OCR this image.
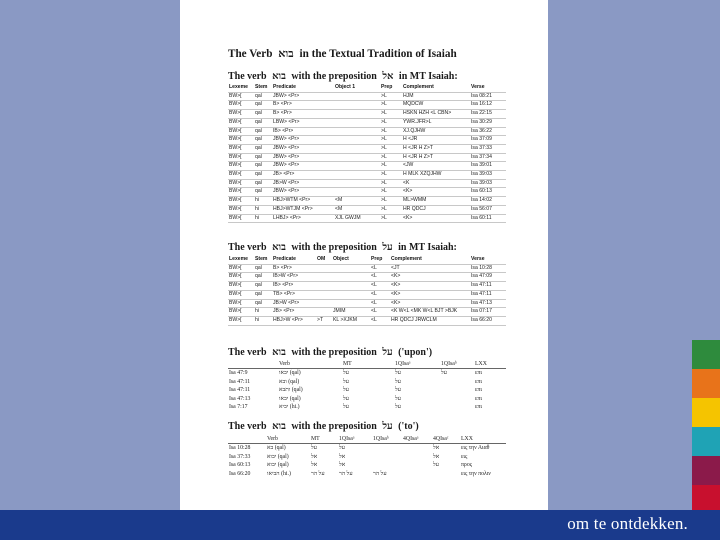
The Verb בוא in the Textual Tradition of Isaiah
The verb בוא with the preposition אל in MT Isaiah:
Lexeme	Stem	Predicate	Object 1	Prep	Complement	Verse
BW>[	qal	JBW> <Pr>		>L	HJM	Isa 08:21
BW>[	qal	B> <Pr>		>L	MQDCW	Isa 16:12
BW>[	qal	B> <Pr>		>L	HSKN HZH <L CBN>	Isa 22:15
BW>[	qal	LBW> <Pr>		>L	YWR.JFR>L	Isa 30:29
BW>[	qal	IB> <Pr>		>L	XJ.QJHW	Isa 36:22
BW>[	qal	JBW> <Pr>		>L	H <JR	Isa 37:09
BW>[	qal	JBW> <Pr>		>L	H <JR H Z>T	Isa 37:33
BW>[	qal	JBW> <Pr>		>L	H <JR H Z>T	Isa 37:34
BW>[	qal	JBW> <Pr>		>L	<JW	Isa 39:01
BW>[	qal	JB> <Pr>		>L	H MLK XZQJHW	Isa 39:03
BW>[	qal	JB>W <Pr>		>L	<K	Isa 39:03
BW>[	qal	JBW> <Pr>		>L	<K>	Isa 60:13
BW>[	hi	HBJ>WTM <Pr>	<M	>L	ML>WMM	Isa 14:02
BW>[	hi	HBJ>WTJM <Pr>	<M	>L	HR QDCJ	Isa 56:07
BW>[	hi	LHBJ> <Pr>	XJL GWJM	>L	<K>	Isa 60:11
The verb בוא with the preposition על in MT Isaiah:
Lexeme	Stem	Predicate	OM	Object	Prep	Complement	Verse
BW>[	qal	B> <Pr>			<L	<JT	Isa 10:28
BW>[	qal	IB>W <Pr>			<L	<K>	Isa 47:09
BW>[	qal	IB> <Pr>			<L	<K>	Isa 47:11
BW>[	qal	TB> <Pr>			<L	<K>	Isa 47:11
BW>[	qal	JB>W <Pr>			<L	<K>	Isa 47:13
BW>[	hi	JB> <Pr>		JMIM	<L	<K W<L <MK W<L BJT >BJK	Isa 07:17
BW>[	hi	HBJ>W <Pr>	>T	KL >XJKM	<L	HR QDCJ JRWCLM	Isa 66:20
The verb בוא with the preposition על ('upon')
	Verb	MT	1QIsaᵃ	1QIsaᵇ	LXX
Isa 47:9	יבאו (qal)	על	על	על	επι
Isa 47:11	ובא (qal)	על	על		επι
Isa 47:11	ותבא (qal)	על	על		επι
Isa 47:13	יבאו (qal)	על	על		επι
Isa 7:17	יביא (hi.)	על	על		επι
The verb בוא with the preposition על ('to')
	Verb	MT	1QIsaᵃ	1QIsaᵇ	4QIsaᵃ	4QIsaᶜ	LXX
Isa 10:28	בא (qal)	על	על			אל	εις την Αιαθ
Isa 37:33	יבוא (qal)	אל	אל			אל	εις
Isa 60:13	יבוא (qal)	אל	אל			על	προς
Isa 66:20	הביאו (hi.)	על הר	על הר	על הר			εις την πολιν
om te ontdekken.
